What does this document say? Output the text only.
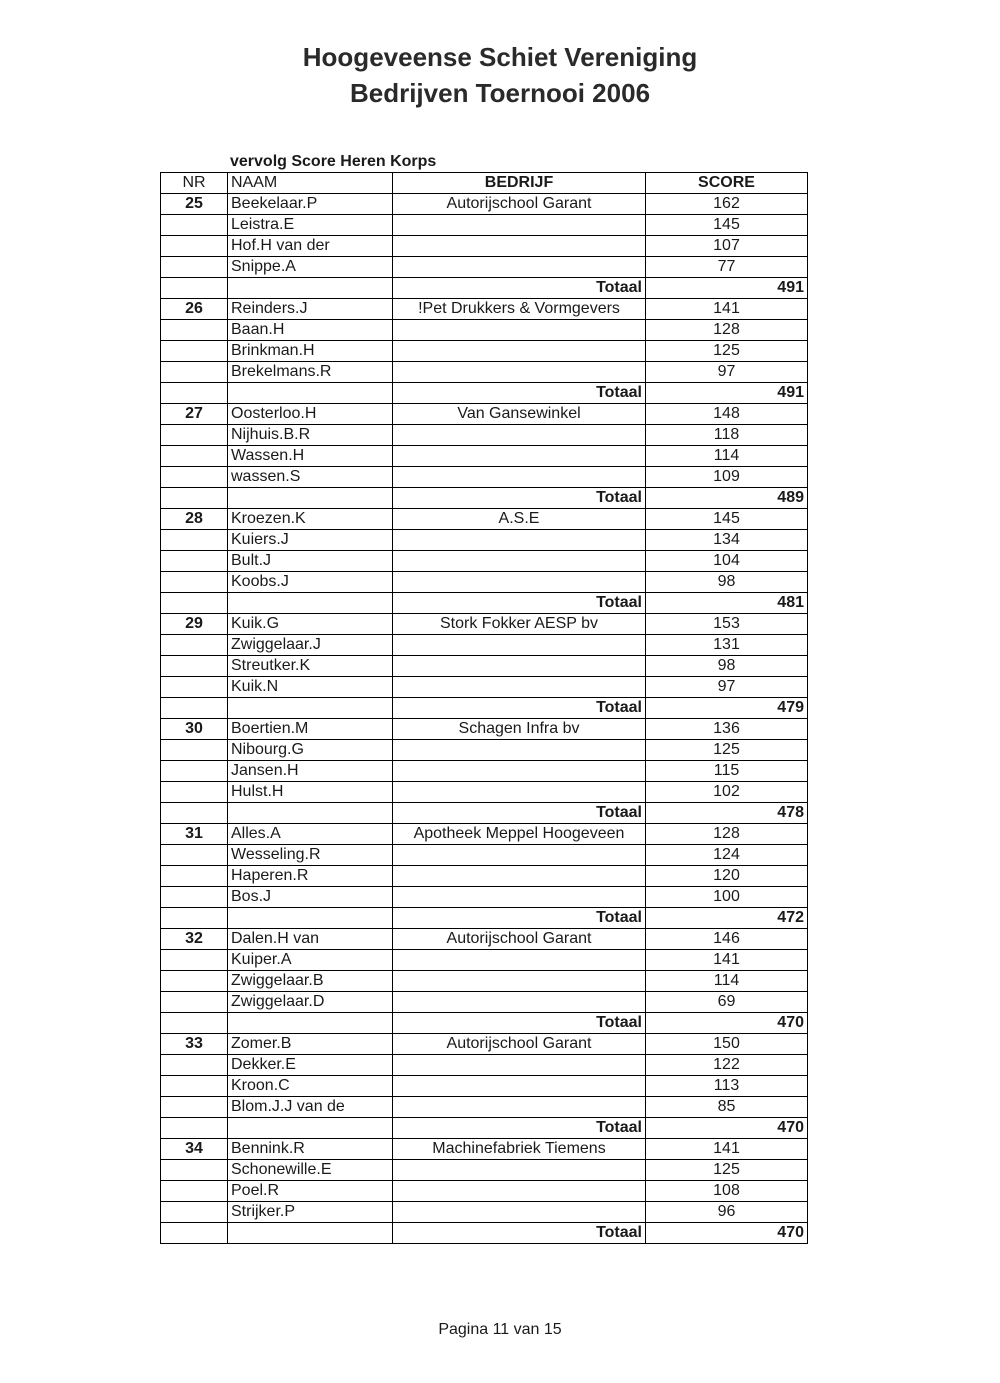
Hoogeveense Schiet Vereniging
Bedrijven Toernooi 2006

vervolg Score Heren Korps

NR	NAAM	BEDRIJF	SCORE
25	Beekelaar.P	Autorijschool Garant	162
	Leistra.E		145
	Hof.H van der		107
	Snippe.A		77
		Totaal	491
26	Reinders.J	!Pet Drukkers & Vormgevers	141
	Baan.H		128
	Brinkman.H		125
	Brekelmans.R		97
		Totaal	491
27	Oosterloo.H	Van Gansewinkel	148
	Nijhuis.B.R		118
	Wassen.H		114
	wassen.S		109
		Totaal	489
28	Kroezen.K	A.S.E	145
	Kuiers.J		134
	Bult.J		104
	Koobs.J		98
		Totaal	481
29	Kuik.G	Stork Fokker AESP bv	153
	Zwiggelaar.J		131
	Streutker.K		98
	Kuik.N		97
		Totaal	479
30	Boertien.M	Schagen Infra bv	136
	Nibourg.G		125
	Jansen.H		115
	Hulst.H		102
		Totaal	478
31	Alles.A	Apotheek Meppel Hoogeveen	128
	Wesseling.R		124
	Haperen.R		120
	Bos.J		100
		Totaal	472
32	Dalen.H van	Autorijschool Garant	146
	Kuiper.A		141
	Zwiggelaar.B		114
	Zwiggelaar.D		69
		Totaal	470
33	Zomer.B	Autorijschool Garant	150
	Dekker.E		122
	Kroon.C		113
	Blom.J.J van de		85
		Totaal	470
34	Bennink.R	Machinefabriek Tiemens	141
	Schonewille.E		125
	Poel.R		108
	Strijker.P		96
		Totaal	470

Pagina 11 van 15
